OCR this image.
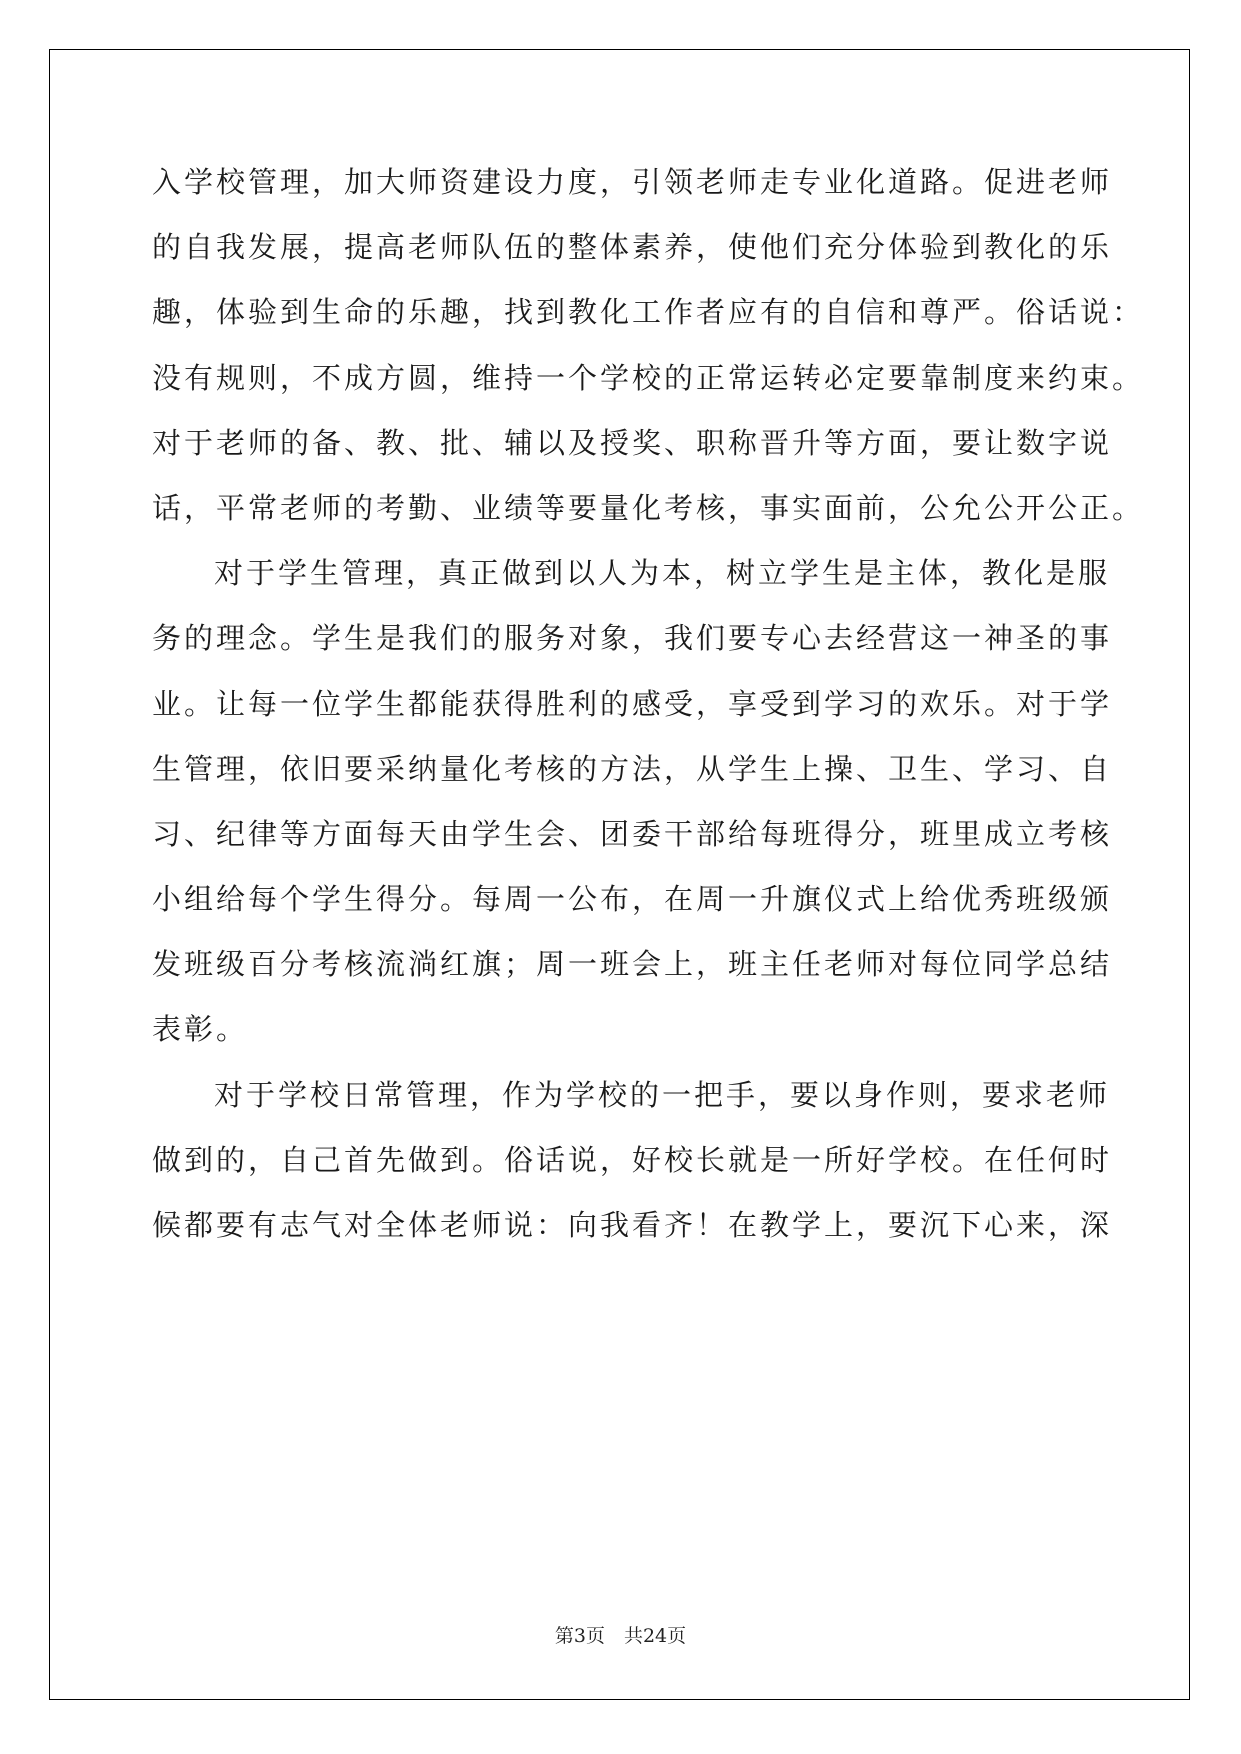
入学校管理，加大师资建设力度，引领老师走专业化道路。促进老师
的自我发展，提高老师队伍的整体素养，使他们充分体验到教化的乐
趣，体验到生命的乐趣，找到教化工作者应有的自信和尊严。俗话说：
没有规则，不成方圆，维持一个学校的正常运转必定要靠制度来约束。
对于老师的备、教、批、辅以及授奖、职称晋升等方面，要让数字说
话，平常老师的考勤、业绩等要量化考核，事实面前，公允公开公正。
对于学生管理，真正做到以人为本，树立学生是主体，教化是服
务的理念。学生是我们的服务对象，我们要专心去经营这一神圣的事
业。让每一位学生都能获得胜利的感受，享受到学习的欢乐。对于学
生管理，依旧要采纳量化考核的方法，从学生上操、卫生、学习、自
习、纪律等方面每天由学生会、团委干部给每班得分，班里成立考核
小组给每个学生得分。每周一公布，在周一升旗仪式上给优秀班级颁
发班级百分考核流淌红旗；周一班会上，班主任老师对每位同学总结
表彰。
对于学校日常管理，作为学校的一把手，要以身作则，要求老师
做到的，自己首先做到。俗话说，好校长就是一所好学校。在任何时
候都要有志气对全体老师说：向我看齐！在教学上，要沉下心来，深
第3页　共24页
